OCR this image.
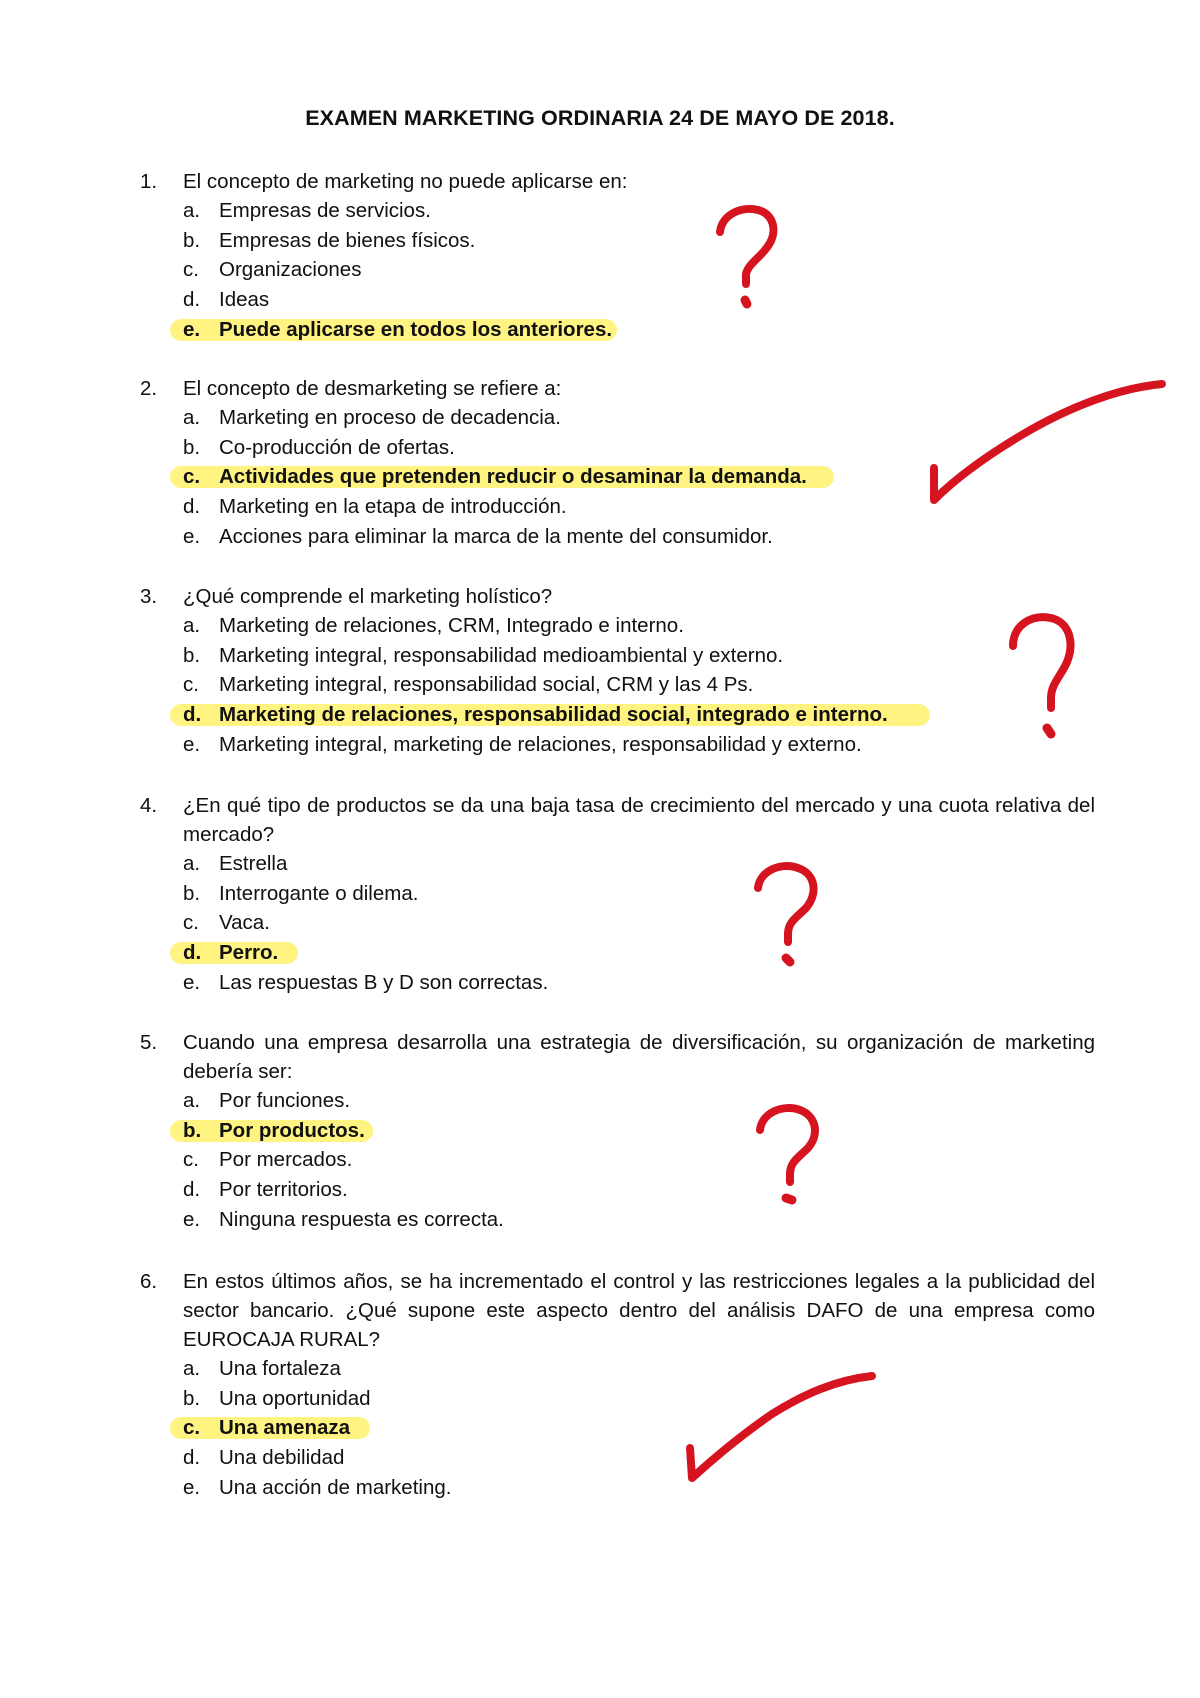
EXAMEN MARKETING ORDINARIA 24 DE MAYO DE 2018.
1.	El concepto de marketing no puede aplicarse en:
a. Empresas de servicios.
b. Empresas de bienes físicos.
c. Organizaciones
d. Ideas
e. Puede aplicarse en todos los anteriores.
2.	El concepto de desmarketing se refiere a:
a. Marketing en proceso de decadencia.
b. Co-producción de ofertas.
c. Actividades que pretenden reducir o desaminar la demanda.
d. Marketing en la etapa de introducción.
e. Acciones para eliminar la marca de la mente del consumidor.
3.	¿Qué comprende el marketing holístico?
a. Marketing de relaciones, CRM, Integrado e interno.
b. Marketing integral, responsabilidad medioambiental y externo.
c. Marketing integral, responsabilidad social, CRM y las 4 Ps.
d. Marketing de relaciones, responsabilidad social, integrado e interno.
e. Marketing integral, marketing de relaciones, responsabilidad y externo.
4.	¿En qué tipo de productos se da una baja tasa de crecimiento del mercado y una cuota relativa del mercado?
a. Estrella
b. Interrogante o dilema.
c. Vaca.
d. Perro.
e. Las respuestas B y D son correctas.
5.	Cuando una empresa desarrolla una estrategia de diversificación, su organización de marketing debería ser:
a. Por funciones.
b. Por productos.
c. Por mercados.
d. Por territorios.
e. Ninguna respuesta es correcta.
6.	En estos últimos años, se ha incrementado el control y las restricciones legales a la publicidad del sector bancario. ¿Qué supone este aspecto dentro del análisis DAFO de una empresa como EUROCAJA RURAL?
a. Una fortaleza
b. Una oportunidad
c. Una amenaza
d. Una debilidad
e. Una acción de marketing.
